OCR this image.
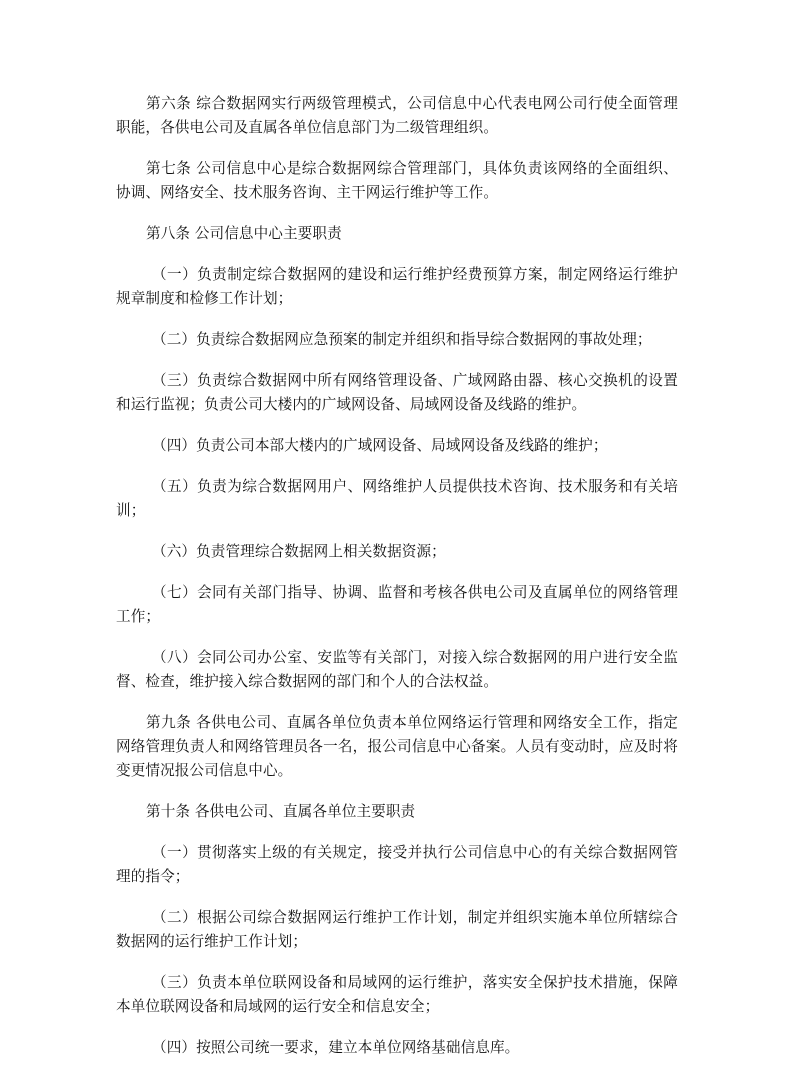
第六条 综合数据网实行两级管理模式，公司信息中心代表电网公司行使全面管理职能，各供电公司及直属各单位信息部门为二级管理组织。

第七条 公司信息中心是综合数据网综合管理部门，具体负责该网络的全面组织、协调、网络安全、技术服务咨询、主干网运行维护等工作。

第八条 公司信息中心主要职责

（一）负责制定综合数据网的建设和运行维护经费预算方案，制定网络运行维护规章制度和检修工作计划；

（二）负责综合数据网应急预案的制定并组织和指导综合数据网的事故处理；

（三）负责综合数据网中所有网络管理设备、广域网路由器、核心交换机的设置和运行监视；负责公司大楼内的广域网设备、局域网设备及线路的维护。

（四）负责公司本部大楼内的广域网设备、局域网设备及线路的维护；

（五）负责为综合数据网用户、网络维护人员提供技术咨询、技术服务和有关培训；

（六）负责管理综合数据网上相关数据资源；

（七）会同有关部门指导、协调、监督和考核各供电公司及直属单位的网络管理工作；

（八）会同公司办公室、安监等有关部门，对接入综合数据网的用户进行安全监督、检查，维护接入综合数据网的部门和个人的合法权益。

第九条 各供电公司、直属各单位负责本单位网络运行管理和网络安全工作，指定网络管理负责人和网络管理员各一名，报公司信息中心备案。人员有变动时，应及时将变更情况报公司信息中心。

第十条 各供电公司、直属各单位主要职责

（一）贯彻落实上级的有关规定，接受并执行公司信息中心的有关综合数据网管理的指令；

（二）根据公司综合数据网运行维护工作计划，制定并组织实施本单位所辖综合数据网的运行维护工作计划；

（三）负责本单位联网设备和局域网的运行维护，落实安全保护技术措施，保障本单位联网设备和局域网的运行安全和信息安全；

（四）按照公司统一要求，建立本单位网络基础信息库。
